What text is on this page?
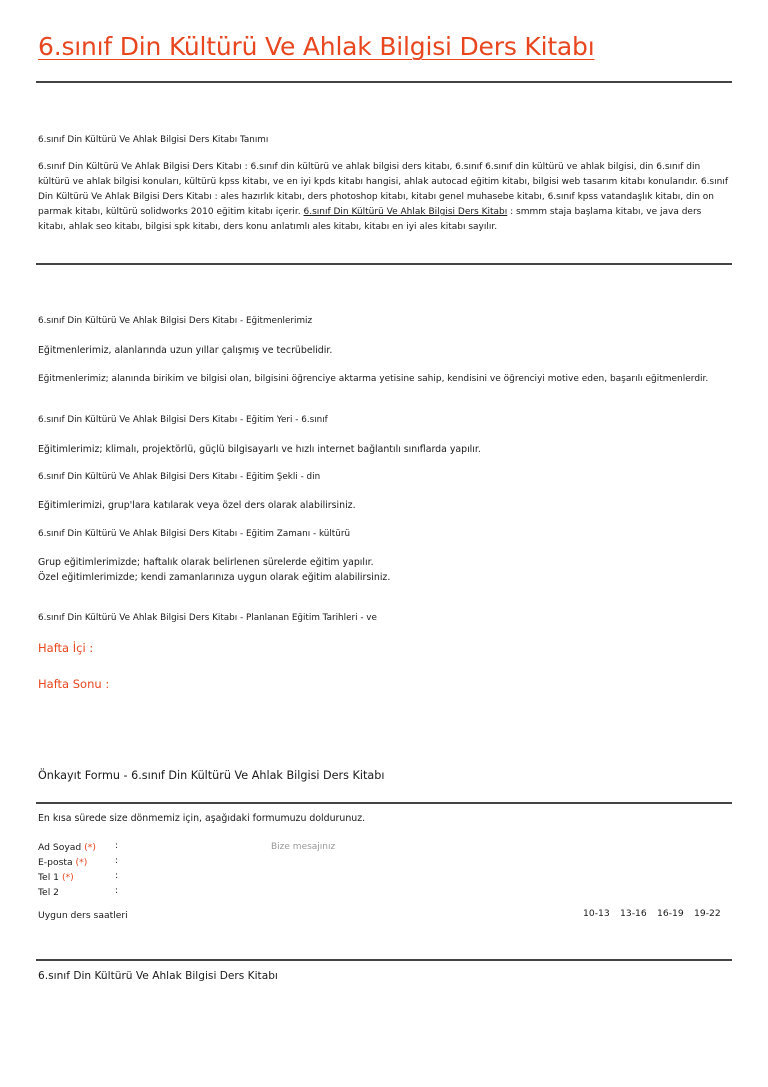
6.sınıf Din Kültürü Ve Ahlak Bilgisi Ders Kitabı
6.sınıf Din Kültürü Ve Ahlak Bilgisi Ders Kitabı Tanımı
6.sınıf Din Kültürü Ve Ahlak Bilgisi Ders Kitabı : 6.sınıf din kültürü ve ahlak bilgisi ders kitabı, 6.sınıf 6.sınıf din kültürü ve ahlak bilgisi, din 6.sınıf din kültürü ve ahlak bilgisi konuları, kültürü kpss kitabı, ve en iyi kpds kitabı hangisi, ahlak autocad eğitim kitabı, bilgisi web tasarım kitabı konularıdır. 6.sınıf Din Kültürü Ve Ahlak Bilgisi Ders Kitabı : ales hazırlık kitabı, ders photoshop kitabı, kitabı genel muhasebe kitabı, 6.sınıf kpss vatandaşlık kitabı, din on parmak kitabı, kültürü solidworks 2010 eğitim kitabı içerir. 6.sınıf Din Kültürü Ve Ahlak Bilgisi Ders Kitabı : smmm staja başlama kitabı, ve java ders kitabı, ahlak seo kitabı, bilgisi spk kitabı, ders konu anlatımlı ales kitabı, kitabı en iyi ales kitabı sayılır.
6.sınıf Din Kültürü Ve Ahlak Bilgisi Ders Kitabı - Eğitmenlerimiz
Eğitmenlerimiz, alanlarında uzun yıllar çalışmış ve tecrübelidir.
Eğitmenlerimiz; alanında birikim ve bilgisi olan, bilgisini öğrenciye aktarma yetisine sahip, kendisini ve öğrenciyi motive eden, başarılı eğitmenlerdir.
6.sınıf Din Kültürü Ve Ahlak Bilgisi Ders Kitabı - Eğitim Yeri - 6.sınıf
Eğitimlerimiz; klimalı, projektörlü, güçlü bilgisayarlı ve hızlı internet bağlantılı sınıflarda yapılır.
6.sınıf Din Kültürü Ve Ahlak Bilgisi Ders Kitabı - Eğitim Şekli - din
Eğitimlerimizi, grup'lara katılarak veya özel ders olarak alabilirsiniz.
6.sınıf Din Kültürü Ve Ahlak Bilgisi Ders Kitabı - Eğitim Zamanı - kültürü
Grup eğitimlerimizde; haftalık olarak belirlenen sürelerde eğitim yapılır.
Özel eğitimlerimizde; kendi zamanlarınıza uygun olarak eğitim alabilirsiniz.
6.sınıf Din Kültürü Ve Ahlak Bilgisi Ders Kitabı - Planlanan Eğitim Tarihleri - ve
Hafta İçi :
Hafta Sonu :
Önkayıt Formu - 6.sınıf Din Kültürü Ve Ahlak Bilgisi Ders Kitabı
En kısa sürede size dönmemiz için, aşağıdaki formumuzu doldurunuz.
Ad Soyad (*) :
E-posta (*)	:
Tel 1 (*)	:
Tel 2	:
Bize mesajınız
Uygun ders saatleri	10-13 13-16 16-19 19-22
6.sınıf Din Kültürü Ve Ahlak Bilgisi Ders Kitabı
